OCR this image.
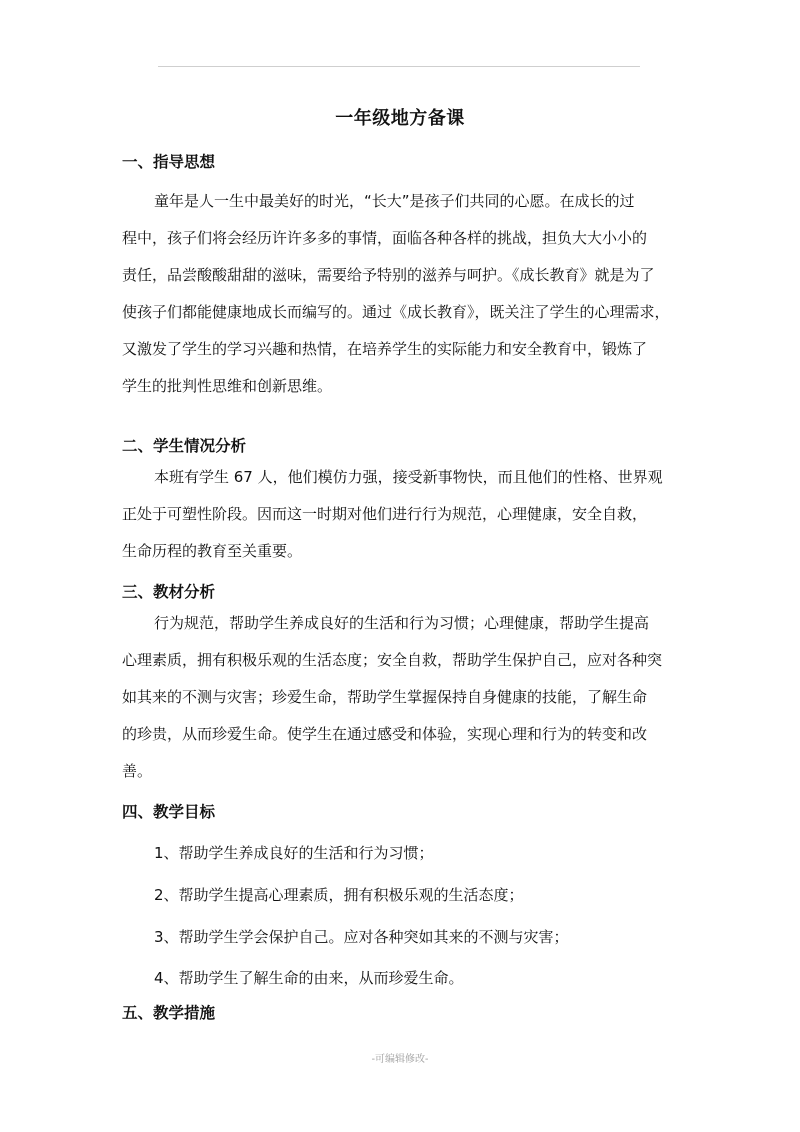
一年级地方备课
一、指导思想
童年是人一生中最美好的时光，“长大”是孩子们共同的心愿。在成长的过
程中，孩子们将会经历许许多多的事情，面临各种各样的挑战，担负大大小小的
责任，品尝酸酸甜甜的滋味，需要给予特别的滋养与呵护。《成长教育》就是为了
使孩子们都能健康地成长而编写的。通过《成长教育》，既关注了学生的心理需求，
又激发了学生的学习兴趣和热情，在培养学生的实际能力和安全教育中，锻炼了
学生的批判性思维和创新思维。
二、学生情况分析
本班有学生 67 人，他们模仿力强，接受新事物快，而且他们的性格、世界观
正处于可塑性阶段。因而这一时期对他们进行行为规范，心理健康，安全自救，
生命历程的教育至关重要。
三、教材分析
行为规范，帮助学生养成良好的生活和行为习惯；心理健康，帮助学生提高
心理素质，拥有积极乐观的生活态度；安全自救，帮助学生保护自己，应对各种突
如其来的不测与灾害；珍爱生命，帮助学生掌握保持自身健康的技能，了解生命
的珍贵，从而珍爱生命。使学生在通过感受和体验，实现心理和行为的转变和改
善。
四、教学目标
1、帮助学生养成良好的生活和行为习惯；
2、帮助学生提高心理素质，拥有积极乐观的生活态度；
3、帮助学生学会保护自己。应对各种突如其来的不测与灾害；
4、帮助学生了解生命的由来，从而珍爱生命。
五、教学措施
-可编辑修改-
